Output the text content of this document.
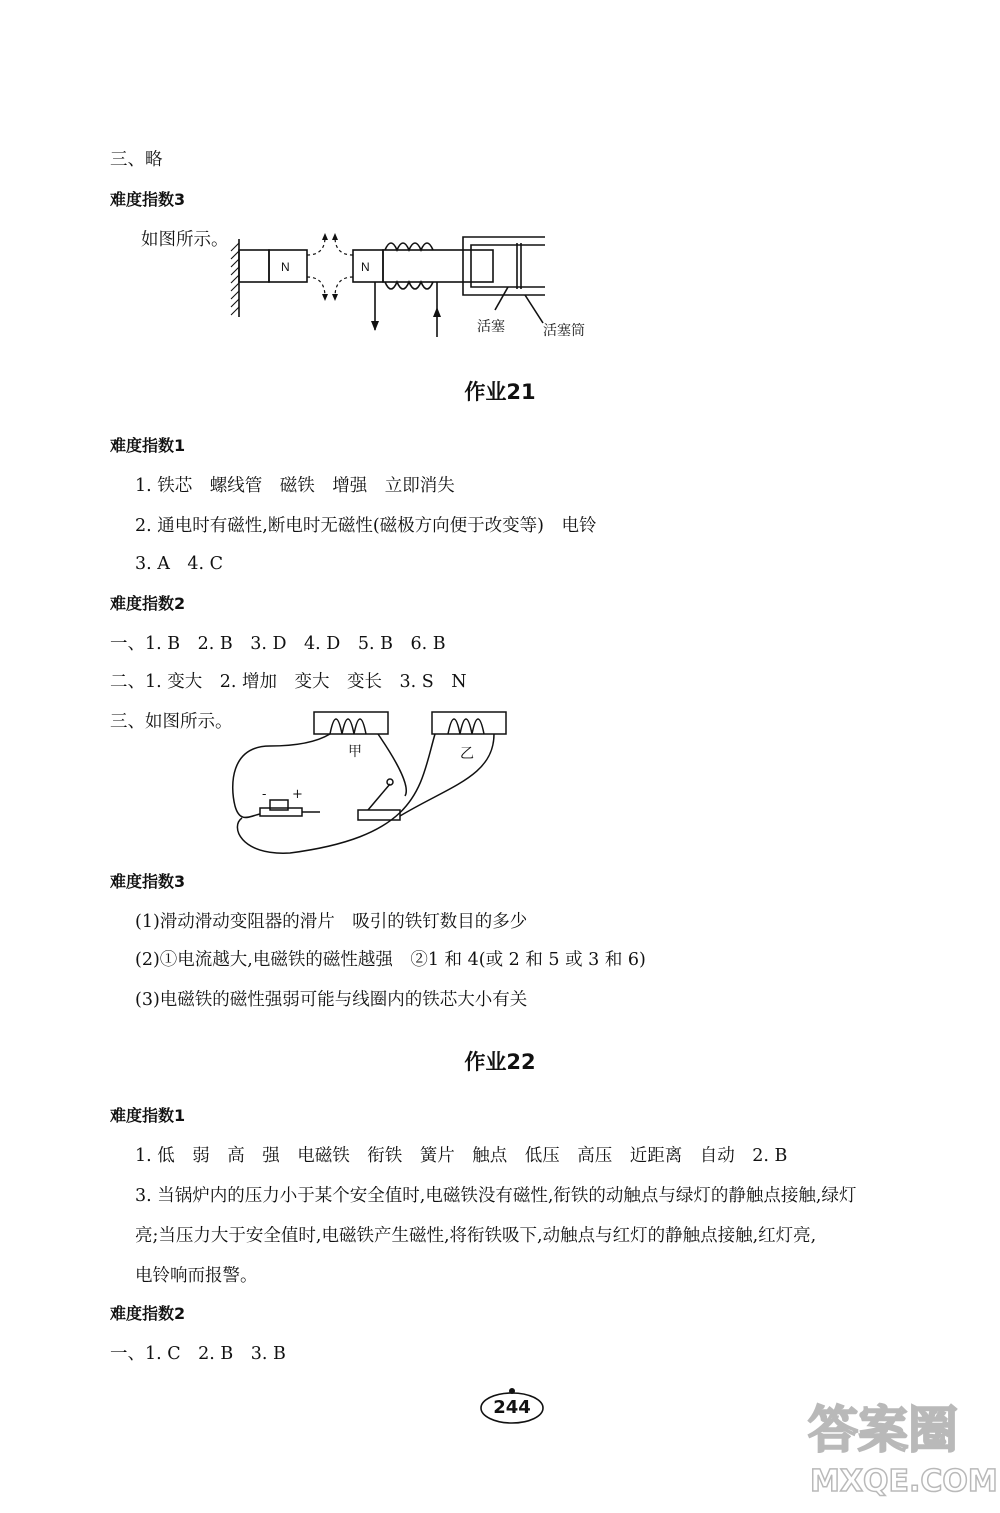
三、略
难度指数3
如图所示。
N	N
活塞	活塞筒
作业21
难度指数1
1. 铁芯　螺线管　磁铁　增强　立即消失
2. 通电时有磁性,断电时无磁性(磁极方向便于改变等)　电铃
3. A　4. C
难度指数2
一、1. B　2. B　3. D　4. D　5. B　6. B
二、1. 变大　2. 增加　变大　变长　3. S　N
三、如图所示。
甲	乙
- +
难度指数3
(1)滑动滑动变阻器的滑片　吸引的铁钉数目的多少
(2)①电流越大,电磁铁的磁性越强　②1 和 4(或 2 和 5 或 3 和 6)
(3)电磁铁的磁性强弱可能与线圈内的铁芯大小有关
作业22
难度指数1
1. 低　弱　高　强　电磁铁　衔铁　簧片　触点　低压　高压　近距离　自动　2. B
3. 当锅炉内的压力小于某个安全值时,电磁铁没有磁性,衔铁的动触点与绿灯的静触点接触,绿灯
亮;当压力大于安全值时,电磁铁产生磁性,将衔铁吸下,动触点与红灯的静触点接触,红灯亮,
电铃响而报警。
难度指数2
一、1. C　2. B　3. B
244	答案圈
MXQE.COM
